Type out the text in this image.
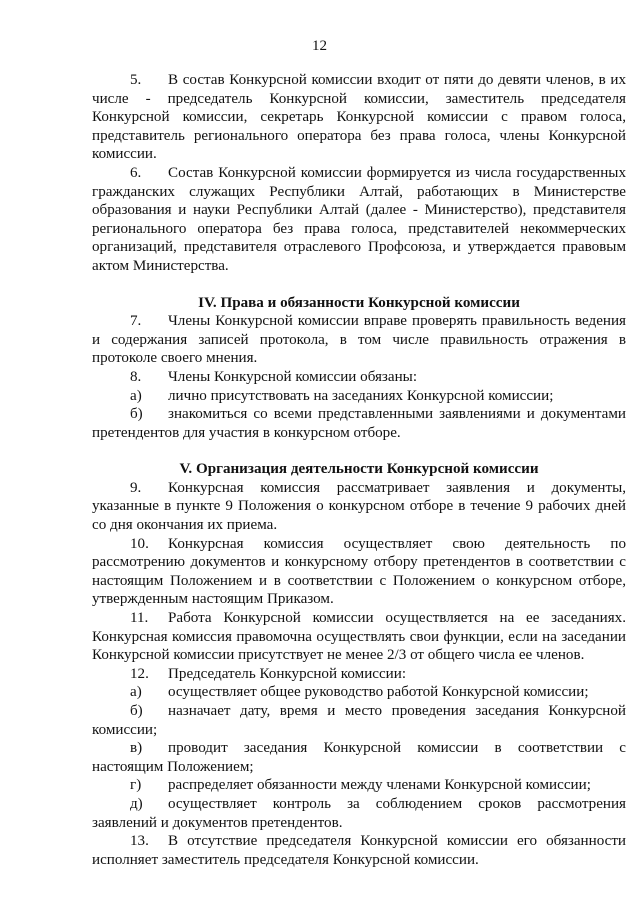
12

5. В состав Конкурсной комиссии входит от пяти до девяти членов, в их числе - председатель Конкурсной комиссии, заместитель председателя Конкурсной комиссии, секретарь Конкурсной комиссии с правом голоса, представитель регионального оператора без права голоса, члены Конкурсной комиссии.

6. Состав Конкурсной комиссии формируется из числа государственных гражданских служащих Республики Алтай, работающих в Министерстве образования и науки Республики Алтай (далее - Министерство), представителя регионального оператора без права голоса, представителей некоммерческих организаций, представителя отраслевого Профсоюза, и утверждается правовым актом Министерства.

IV. Права и обязанности Конкурсной комиссии

7. Члены Конкурсной комиссии вправе проверять правильность ведения и содержания записей протокола, в том числе правильность отражения в протоколе своего мнения.

8. Члены Конкурсной комиссии обязаны:

а) лично присутствовать на заседаниях Конкурсной комиссии;

б) знакомиться со всеми представленными заявлениями и документами претендентов для участия в конкурсном отборе.

V. Организация деятельности Конкурсной комиссии

9. Конкурсная комиссия рассматривает заявления и документы, указанные в пункте 9 Положения о конкурсном отборе в течение 9 рабочих дней со дня окончания их приема.

10. Конкурсная комиссия осуществляет свою деятельность по рассмотрению документов и конкурсному отбору претендентов в соответствии с настоящим Положением и в соответствии с Положением о конкурсном отборе, утвержденным настоящим Приказом.

11. Работа Конкурсной комиссии осуществляется на ее заседаниях. Конкурсная комиссия правомочна осуществлять свои функции, если на заседании Конкурсной комиссии присутствует не менее 2/3 от общего числа ее членов.

12. Председатель Конкурсной комиссии:

а) осуществляет общее руководство работой Конкурсной комиссии;

б) назначает дату, время и место проведения заседания Конкурсной комиссии;

в) проводит заседания Конкурсной комиссии в соответствии с настоящим Положением;

г) распределяет обязанности между членами Конкурсной комиссии;

д) осуществляет контроль за соблюдением сроков рассмотрения заявлений и документов претендентов.

13. В отсутствие председателя Конкурсной комиссии его обязанности исполняет заместитель председателя Конкурсной комиссии.
